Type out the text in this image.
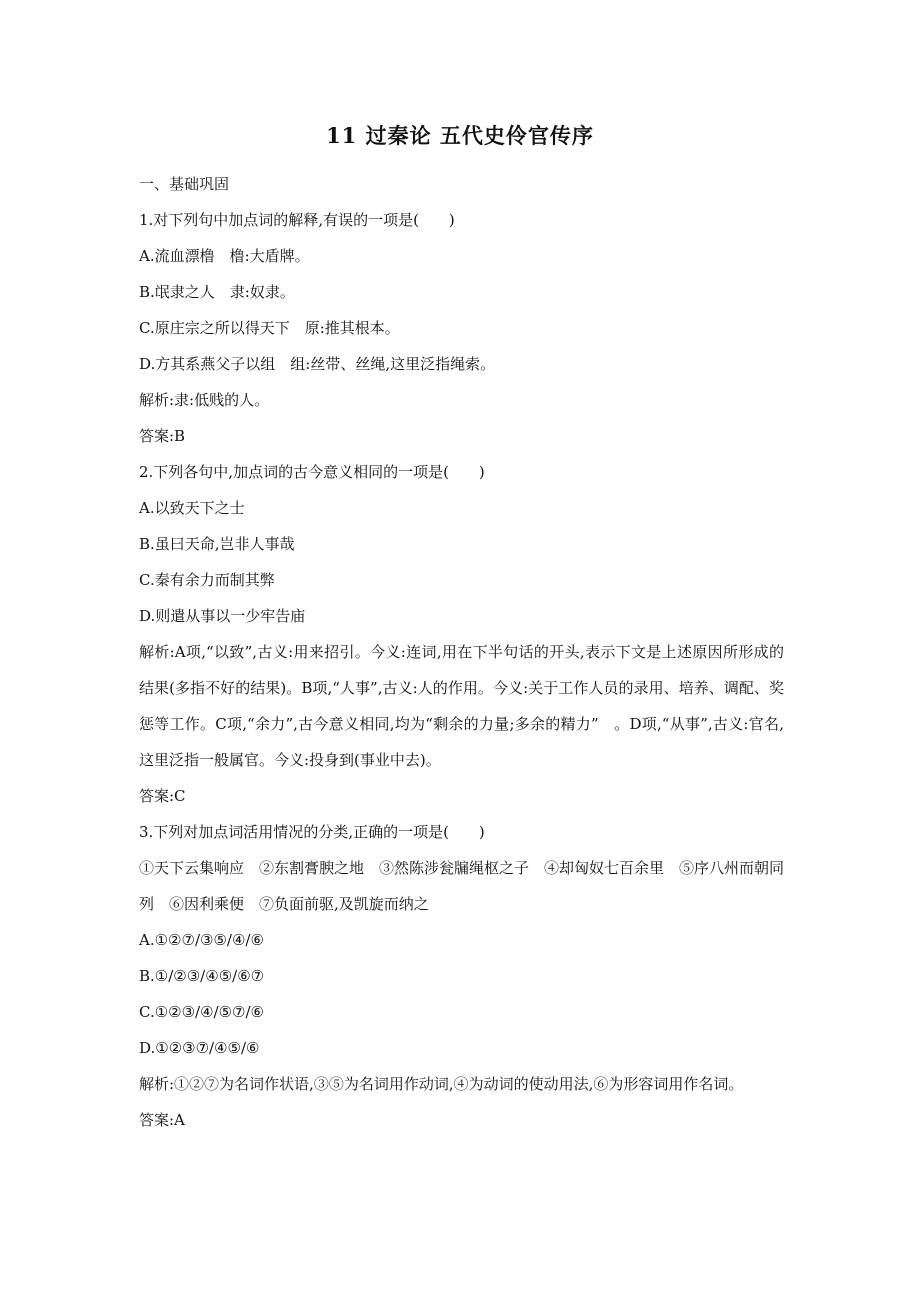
11 过秦论 五代史伶官传序

一、基础巩固

1.对下列句中加点词的解释,有误的一项是(　　)

A.流血漂橹　橹:大盾牌。

B.氓隶之人　隶:奴隶。

C.原庄宗之所以得天下　原:推其根本。

D.方其系燕父子以组　组:丝带、丝绳,这里泛指绳索。

解析:隶:低贱的人。

答案:B

2.下列各句中,加点词的古今意义相同的一项是(　　)

A.以致天下之士

B.虽曰天命,岂非人事哉

C.秦有余力而制其弊

D.则遣从事以一少牢告庙

解析:A项,“以致”,古义:用来招引。今义:连词,用在下半句话的开头,表示下文是上述原因所形成的结果(多指不好的结果)。B项,“人事”,古义:人的作用。今义:关于工作人员的录用、培养、调配、奖惩等工作。C项,“余力”,古今意义相同,均为“剩余的力量;多余的精力”　。D项,“从事”,古义:官名,这里泛指一般属官。今义:投身到(事业中去)。

答案:C

3.下列对加点词活用情况的分类,正确的一项是(　　)

①天下云集响应　②东割膏腴之地　③然陈涉瓮牖绳枢之子　④却匈奴七百余里　⑤序八州而朝同列　⑥因利乘便　⑦负面前驱,及凯旋而纳之

A.①②⑦/③⑤/④/⑥

B.①/②③/④⑤/⑥⑦

C.①②③/④/⑤⑦/⑥

D.①②③⑦/④⑤/⑥

解析:①②⑦为名词作状语,③⑤为名词用作动词,④为动词的使动用法,⑥为形容词用作名词。

答案:A
